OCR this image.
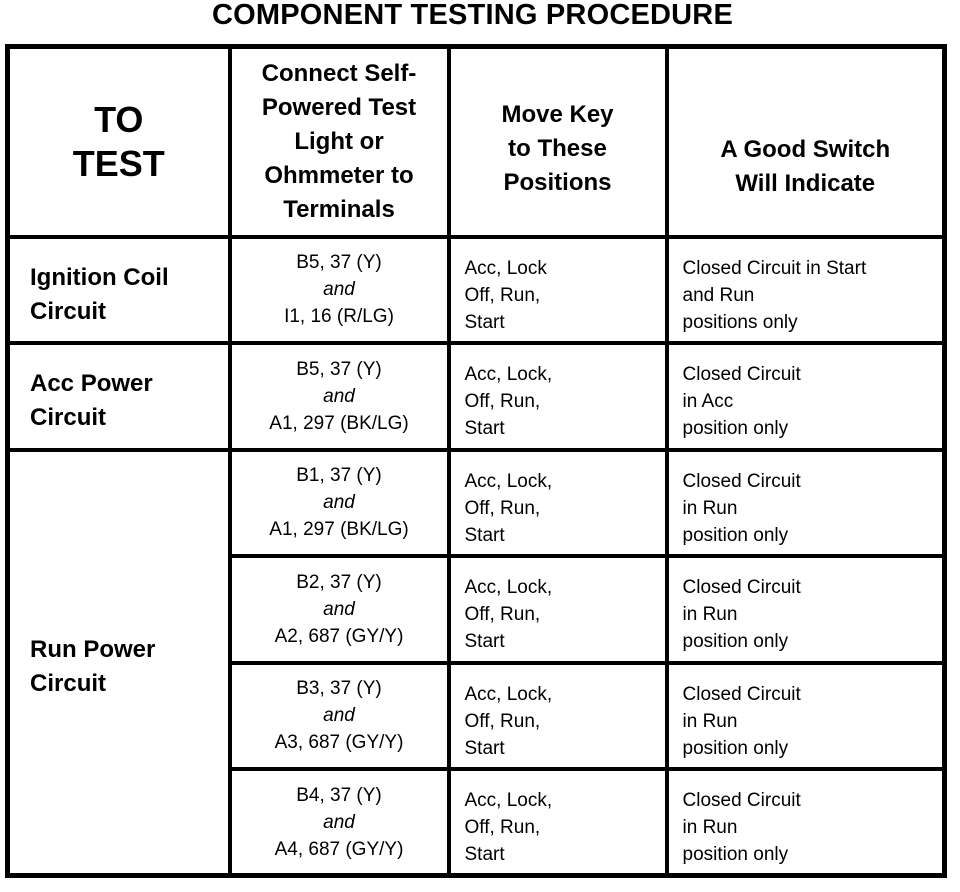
COMPONENT TESTING PROCEDURE
TO
TEST	Connect Self-
Powered Test
Light or
Ohmmeter to
Terminals	Move Key
to These
Positions	A Good Switch
Will Indicate
Ignition Coil
Circuit	B5, 37 (Y)
and
I1, 16 (R/LG)	Acc, Lock
Off, Run,
Start	Closed Circuit in Start
and Run
positions only

Acc Power
Circuit	B5, 37 (Y)
and
A1, 297 (BK/LG)	Acc, Lock,
Off, Run,
Start	Closed Circuit
in Acc
position only

Run Power
Circuit	B1, 37 (Y)
and
A1, 297 (BK/LG)	Acc, Lock,
Off, Run,
Start	Closed Circuit
in Run
position only

	B2, 37 (Y)
and
A2, 687 (GY/Y)	Acc, Lock,
Off, Run,
Start	Closed Circuit
in Run
position only

	B3, 37 (Y)
and
A3, 687 (GY/Y)	Acc, Lock,
Off, Run,
Start	Closed Circuit
in Run
position only

	B4, 37 (Y)
and
A4, 687 (GY/Y)	Acc, Lock,
Off, Run,
Start	Closed Circuit
in Run
position only
